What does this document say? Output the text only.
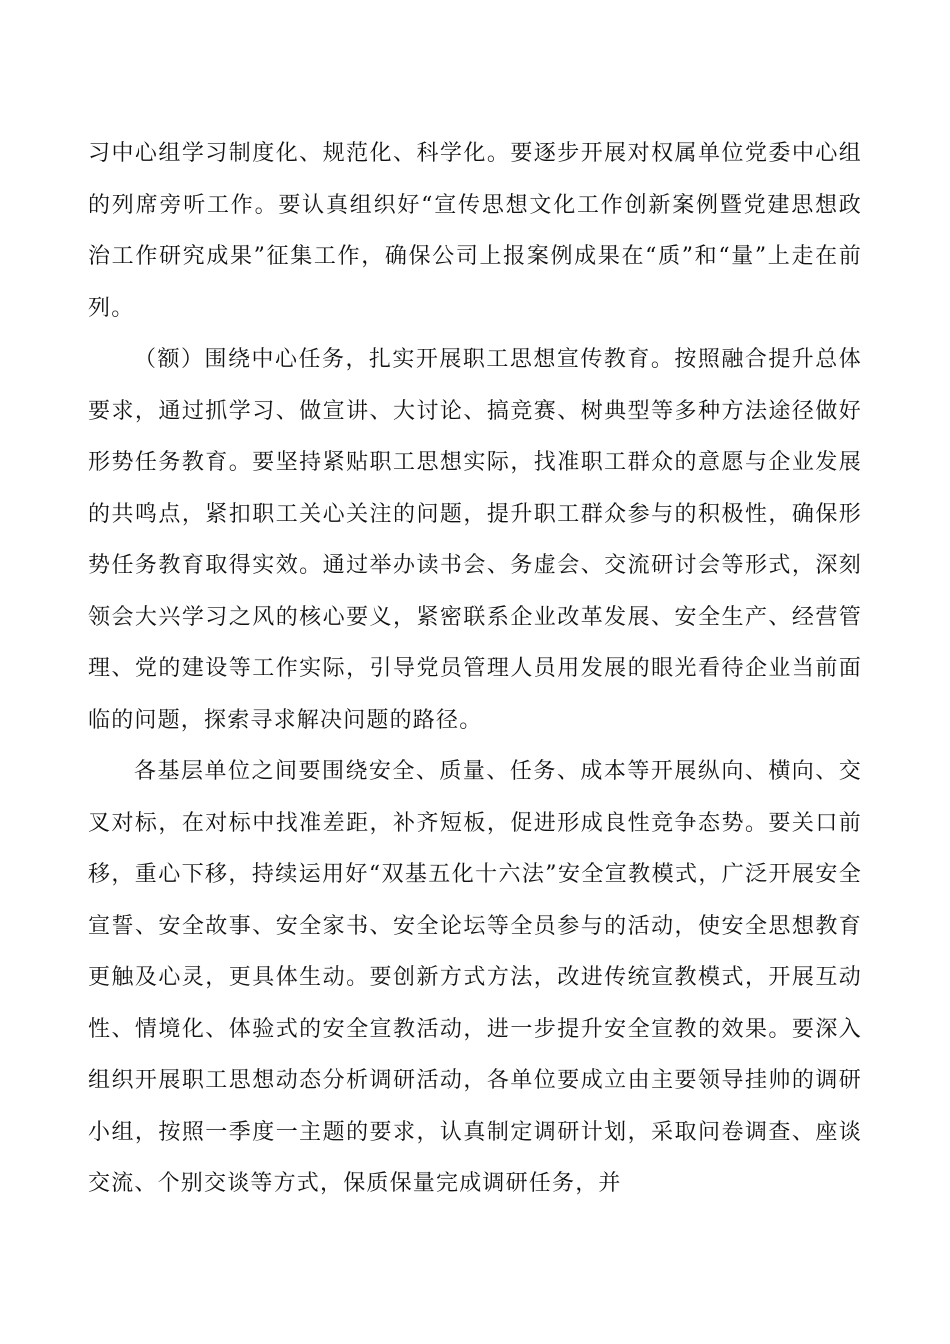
习中心组学习制度化、规范化、科学化。要逐步开展对权属单位党委中心组的列席旁听工作。要认真组织好“宣传思想文化工作创新案例暨党建思想政治工作研究成果”征集工作，确保公司上报案例成果在“质”和“量”上走在前列。

（额）围绕中心任务，扎实开展职工思想宣传教育。按照融合提升总体要求，通过抓学习、做宣讲、大讨论、搞竞赛、树典型等多种方法途径做好形势任务教育。要坚持紧贴职工思想实际，找准职工群众的意愿与企业发展的共鸣点，紧扣职工关心关注的问题，提升职工群众参与的积极性，确保形势任务教育取得实效。通过举办读书会、务虚会、交流研讨会等形式，深刻领会大兴学习之风的核心要义，紧密联系企业改革发展、安全生产、经营管理、党的建设等工作实际，引导党员管理人员用发展的眼光看待企业当前面临的问题，探索寻求解决问题的路径。

各基层单位之间要围绕安全、质量、任务、成本等开展纵向、横向、交叉对标，在对标中找准差距，补齐短板，促进形成良性竞争态势。要关口前移，重心下移，持续运用好“双基五化十六法”安全宣教模式，广泛开展安全宣誓、安全故事、安全家书、安全论坛等全员参与的活动，使安全思想教育更触及心灵，更具体生动。要创新方式方法，改进传统宣教模式，开展互动性、情境化、体验式的安全宣教活动，进一步提升安全宣教的效果。要深入组织开展职工思想动态分析调研活动，各单位要成立由主要领导挂帅的调研小组，按照一季度一主题的要求，认真制定调研计划，采取问卷调查、座谈交流、个别交谈等方式，保质保量完成调研任务，并
